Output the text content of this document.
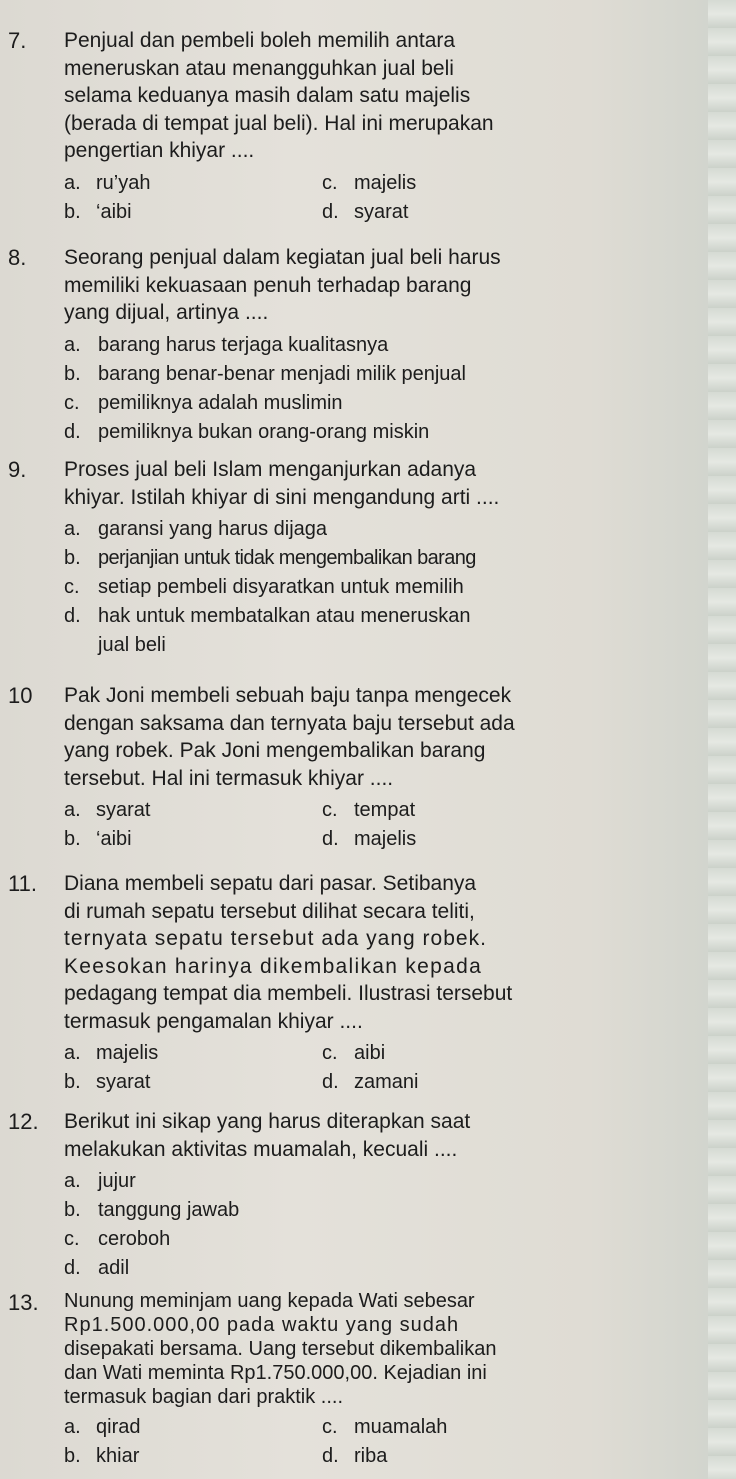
7. Penjual dan pembeli boleh memilih antara
meneruskan atau menangguhkan jual beli
selama keduanya masih dalam satu majelis
(berada di tempat jual beli). Hal ini merupakan
pengertian khiyar ....
a. ru’yah	c. majelis
b. ‘aibi	d. syarat
8. Seorang penjual dalam kegiatan jual beli harus
memiliki kekuasaan penuh terhadap barang
yang dijual, artinya ....
a. barang harus terjaga kualitasnya
b. barang benar-benar menjadi milik penjual
c. pemiliknya adalah muslimin
d. pemiliknya bukan orang-orang miskin
9. Proses jual beli Islam menganjurkan adanya
khiyar. Istilah khiyar di sini mengandung arti ....
a. garansi yang harus dijaga
b. perjanjian untuk tidak mengembalikan barang
c. setiap pembeli disyaratkan untuk memilih
d. hak untuk membatalkan atau meneruskan
jual beli
10 Pak Joni membeli sebuah baju tanpa mengecek
dengan saksama dan ternyata baju tersebut ada
yang robek. Pak Joni mengembalikan barang
tersebut. Hal ini termasuk khiyar ....
a. syarat	c. tempat
b. ‘aibi	d. majelis
11. Diana membeli sepatu dari pasar. Setibanya
di rumah sepatu tersebut dilihat secara teliti,
ternyata sepatu tersebut ada yang robek.
Keesokan harinya dikembalikan kepada
pedagang tempat dia membeli. Ilustrasi tersebut
termasuk pengamalan khiyar ....
a. majelis	c. aibi
b. syarat	d. zamani
12. Berikut ini sikap yang harus diterapkan saat
melakukan aktivitas muamalah, kecuali ....
a. jujur
b. tanggung jawab
c. ceroboh
d. adil
13. Nunung meminjam uang kepada Wati sebesar
Rp1.500.000,00 pada waktu yang sudah
disepakati bersama. Uang tersebut dikembalikan
dan Wati meminta Rp1.750.000,00. Kejadian ini
termasuk bagian dari praktik ....
a. qirad	c. muamalah
b. khiar	d. riba
